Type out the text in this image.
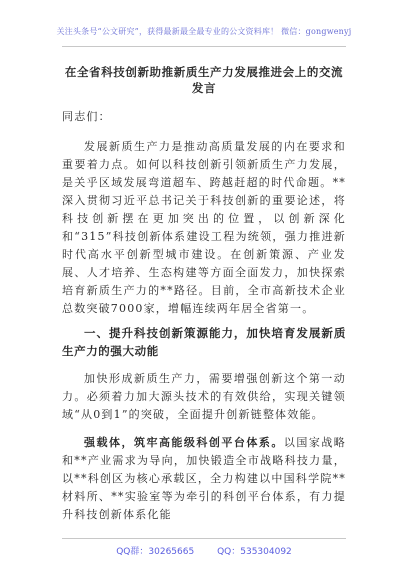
关注头条号“公文研究”，获得最新最全最专业的公文资料库！ 微信：gongwenyj

在全省科技创新助推新质生产力发展推进会上的交流发言

同志们：

发展新质生产力是推动高质量发展的内在要求和重要着力点。如何以科技创新引领新质生产力发展，是关乎区域发展弯道超车、跨越赶超的时代命题。**深入贯彻习近平总书记关于科技创新的重要论述，将科技创新摆在更加突出的位置，以创新深化和“315”科技创新体系建设工程为统领，强力推进新时代高水平创新型城市建设。在创新策源、产业发展、人才培养、生态构建等方面全面发力，加快探索培育新质生产力的**路径。目前，全市高新技术企业总数突破7000家，增幅连续两年居全省第一。

一、提升科技创新策源能力，加快培育发展新质生产力的强大动能

加快形成新质生产力，需要增强创新这个第一动力。必须着力加大源头技术的有效供给，实现关键领域“从0到1”的突破，全面提升创新链整体效能。

强载体，筑牢高能级科创平台体系。以国家战略和**产业需求为导向，加快锻造全市战略科技力量，以**科创区为核心承载区，全力构建以中国科学院**材料所、**实验室等为牵引的科创平台体系，有力提升科技创新体系化能

QQ群：30265665	QQ：535304092
